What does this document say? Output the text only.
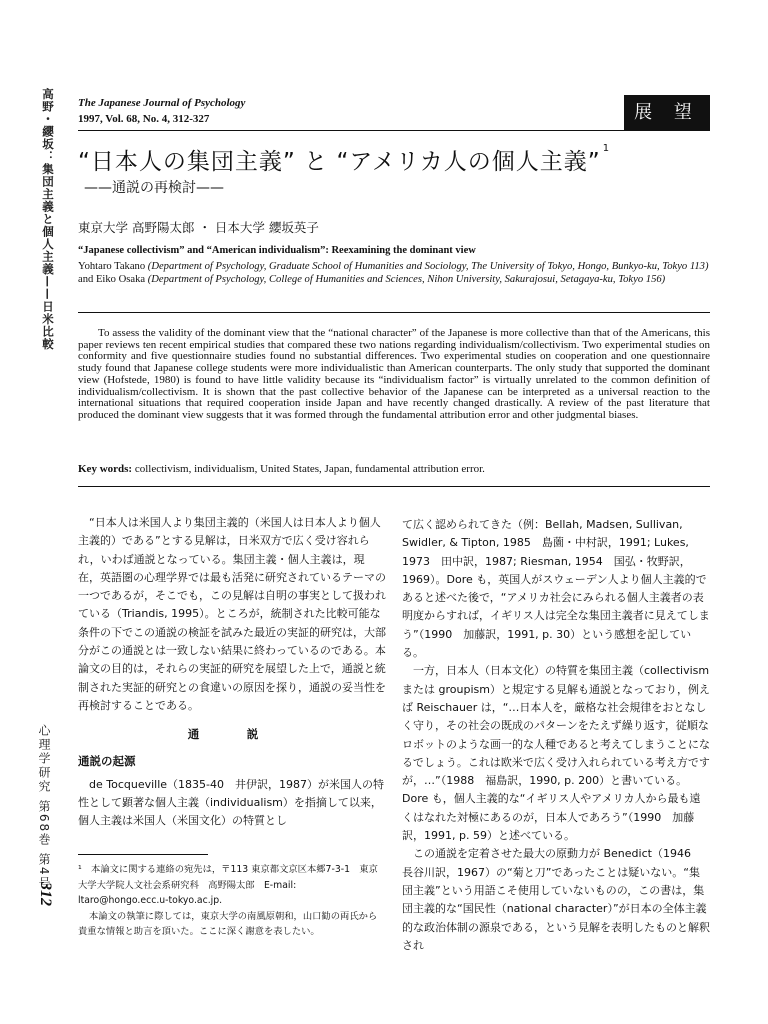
高野・纓坂：集団主義と個人主義——日米比較
心理学研究 第68巻 第4号
312
The Japanese Journal of Psychology
1997, Vol. 68, No. 4, 312-327	展 望
“日本人の集団主義” と “アメリカ人の個人主義”$^1$
——通説の再検討——
東京大学 高野陽太郎 ・ 日本大学 纓坂英子
“Japanese collectivism” and “American individualism”: Reexamining the dominant view
Yohtaro Takano (Department of Psychology, Graduate School of Humanities and Sociology, The University of Tokyo, Hongo, Bunkyo-ku, Tokyo 113) and Eiko Osaka (Department of Psychology, College of Humanities and Sciences, Nihon University, Sakurajosui, Setagaya-ku, Tokyo 156)

To assess the validity of the dominant view that the “national character” of the Japanese is more collective than that of the Americans, this paper reviews ten recent empirical studies that compared these two nations regarding individualism/collectivism. Two experimental studies on conformity and five questionnaire studies found no substantial differences. Two experimental studies on cooperation and one questionnaire study found that Japanese college students were more individualistic than American counterparts. The only study that supported the dominant view (Hofstede, 1980) is found to have little validity because its “individualism factor” is virtually unrelated to the common definition of individualism/collectivism. It is shown that the past collective behavior of the Japanese can be interpreted as a universal reaction to the international situations that required cooperation inside Japan and have recently changed drastically. A review of the past literature that produced the dominant view suggests that it was formed through the fundamental attribution error and other judgmental biases.

Key words: collectivism, individualism, United States, Japan, fundamental attribution error.

“日本人は米国人より集団主義的（米国人は日本人より個人主義的）である”とする見解は，日米双方で広く受け容れられ，いわば通説となっている。集団主義・個人主義は，現在，英語圏の心理学界では最も活発に研究されているテーマの一つであるが，そこでも，この見解は自明の事実として扱われている（Triandis, 1995）。ところが，統制された比較可能な条件の下でこの通説の検証を試みた最近の実証的研究は，大部分がこの通説とは一致しない結果に終わっているのである。本論文の目的は，それらの実証的研究を展望した上で，通説と統制された実証的研究との食違いの原因を探り，通説の妥当性を再検討することである。

通　説
通説の起源

de Tocqueville（1835-40　井伊訳，1987）が米国人の特性として顕著な個人主義（individualism）を指摘して以来，個人主義は米国人（米国文化）の特質とし

¹　本論文に関する連絡の宛先は，〒113 東京都文京区本郷7-3-1　東京大学大学院人文社会系研究科　高野陽太郎　E-mail: ltaro@hongo.ecc.u-tokyo.ac.jp.
本論文の執筆に際しては，東京大学の南風原朝和，山口勧の両氏から貴重な情報と助言を頂いた。ここに深く謝意を表したい。

て広く認められてきた（例：Bellah, Madsen, Sullivan, Swidler, & Tipton, 1985　島薗・中村訳，1991; Lukes, 1973　田中訳，1987; Riesman, 1954　国弘・牧野訳，1969）。Dore も，英国人がスウェーデン人より個人主義的であると述べた後で，“アメリカ社会にみられる個人主義者の表明度からすれば，イギリス人は完全な集団主義者に見えてしまう”（1990　加藤訳，1991, p. 30）という感想を記している。

一方，日本人（日本文化）の特質を集団主義（collectivism または groupism）と規定する見解も通説となっており，例えば Reischauer は，“…日本人を，厳格な社会規律をおとなしく守り，その社会の既成のパターンをたえず繰り返す，従順なロボットのような画一的な人種であると考えてしまうことになるでしょう。これは欧米で広く受け入れられている考え方ですが，…”（1988　福島訳，1990, p. 200）と書いている。Dore も，個人主義的な“イギリス人やアメリカ人から最も遠くはなれた対極にあるのが，日本人であろう”（1990　加藤訳，1991, p. 59）と述べている。

この通説を定着させた最大の原動力が Benedict（1946　長谷川訳，1967）の“菊と刀”であったことは疑いない。“集団主義”という用語こそ使用していないものの，この書は，集団主義的な“国民性（national character）”が日本の全体主義的な政治体制の源泉である，という見解を表明したものと解釈され
